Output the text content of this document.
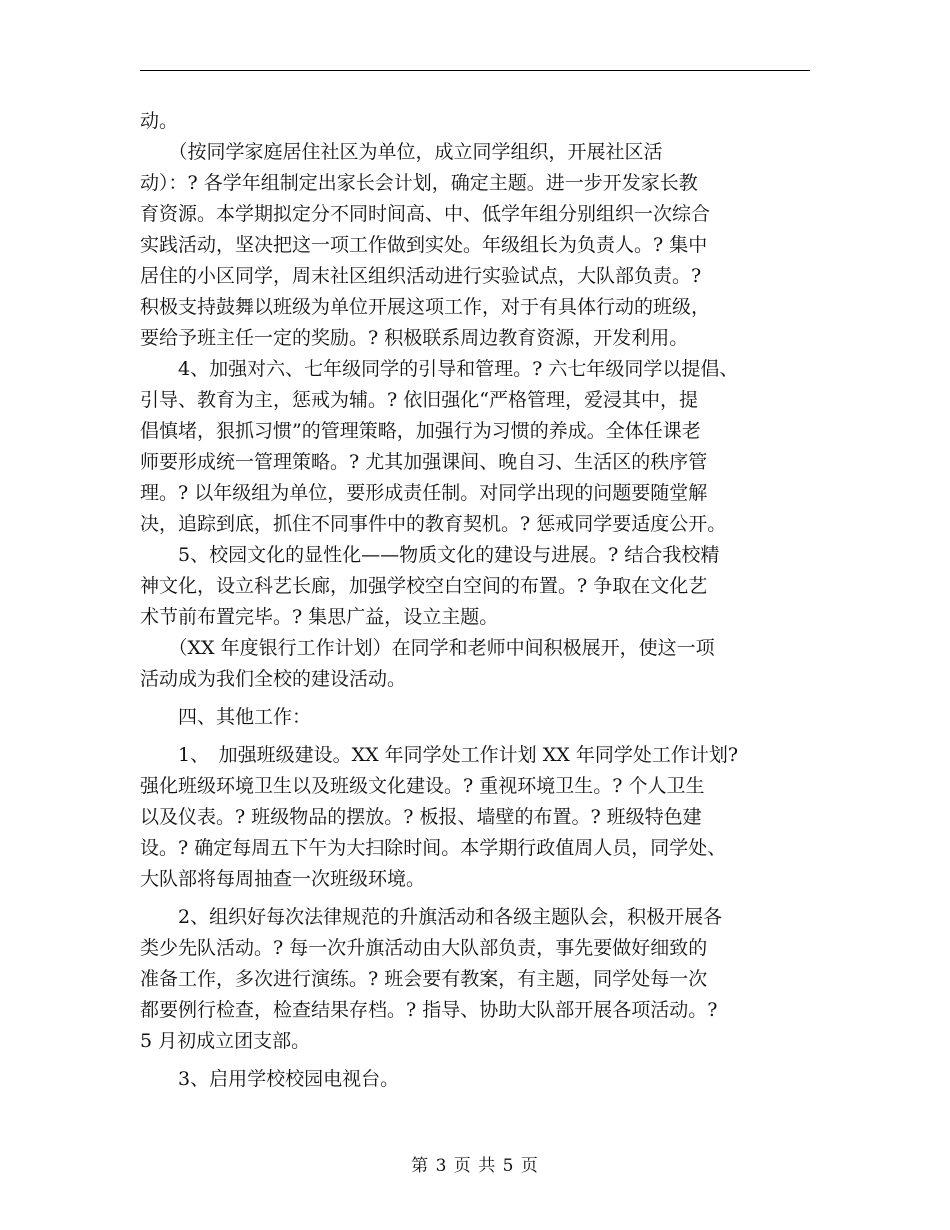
动。
　　（按同学家庭居住社区为单位，成立同学组织，开展社区活
动）：? 各学年组制定出家长会计划，确定主题。进一步开发家长教
育资源。本学期拟定分不同时间高、中、低学年组分别组织一次综合
实践活动，坚决把这一项工作做到实处。年级组长为负责人。? 集中
居住的小区同学，周末社区组织活动进行实验试点，大队部负责。?
积极支持鼓舞以班级为单位开展这项工作，对于有具体行动的班级，
要给予班主任一定的奖励。? 积极联系周边教育资源，开发利用。
　　4、加强对六、七年级同学的引导和管理。? 六七年级同学以提倡、
引导、教育为主，惩戒为辅。? 依旧强化“严格管理，爱浸其中，提
倡慎堵，狠抓习惯”的管理策略，加强行为习惯的养成。全体任课老
师要形成统一管理策略。? 尤其加强课间、晚自习、生活区的秩序管
理。? 以年级组为单位，要形成责任制。对同学出现的问题要随堂解
决，追踪到底，抓住不同事件中的教育契机。? 惩戒同学要适度公开。
　　5、校园文化的显性化——物质文化的建设与进展。? 结合我校精
神文化，设立科艺长廊，加强学校空白空间的布置。? 争取在文化艺
术节前布置完毕。? 集思广益，设立主题。
　　（XX 年度银行工作计划）在同学和老师中间积极展开，使这一项
活动成为我们全校的建设活动。
　　四、其他工作：
　　1、　加强班级建设。XX 年同学处工作计划 XX 年同学处工作计划?
强化班级环境卫生以及班级文化建设。? 重视环境卫生。? 个人卫生
以及仪表。? 班级物品的摆放。? 板报、墙壁的布置。? 班级特色建
设。? 确定每周五下午为大扫除时间。本学期行政值周人员，同学处、
大队部将每周抽查一次班级环境。
　　2、组织好每次法律规范的升旗活动和各级主题队会，积极开展各
类少先队活动。? 每一次升旗活动由大队部负责，事先要做好细致的
准备工作，多次进行演练。? 班会要有教案，有主题，同学处每一次
都要例行检查，检查结果存档。? 指导、协助大队部开展各项活动。?
5 月初成立团支部。
　　3、启用学校校园电视台。
第 3 页 共 5 页
